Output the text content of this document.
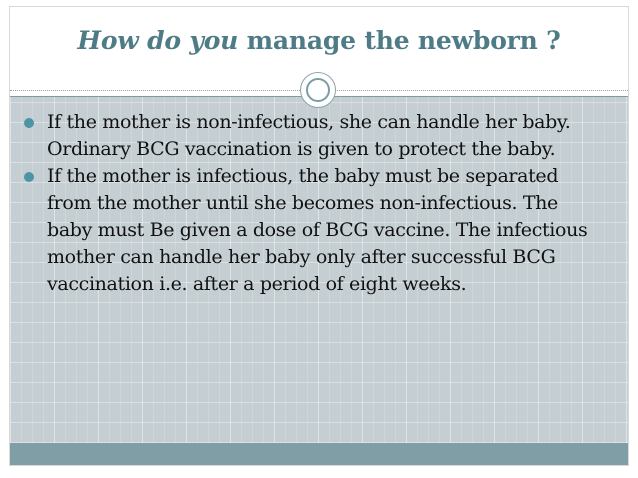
How do you manage the newborn ?
If the mother is non-infectious, she can handle her baby. Ordinary BCG vaccination is given to protect the baby.
If the mother is infectious, the baby must be separated from the mother until she becomes non-infectious. The baby must Be given a dose of BCG vaccine. The infectious mother can handle her baby only after successful BCG vaccination i.e. after a period of eight weeks.
